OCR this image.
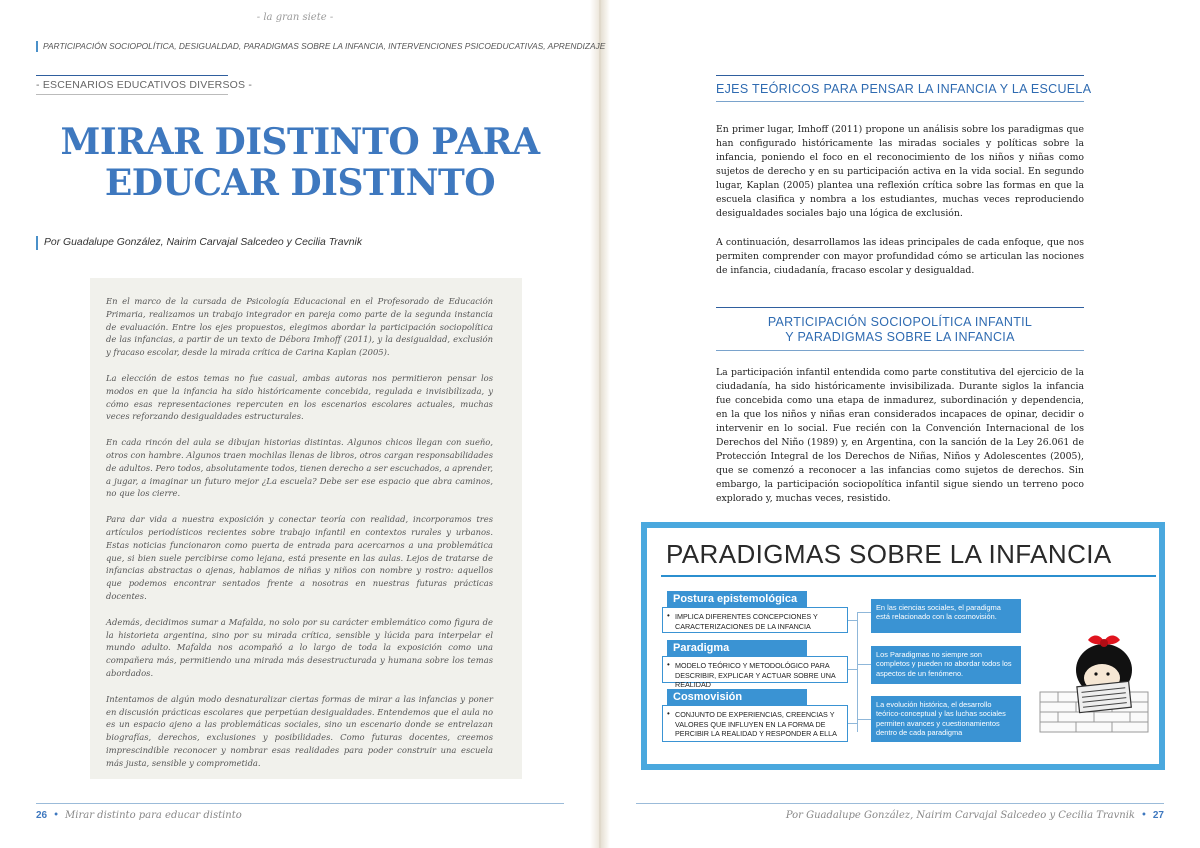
- la gran siete -
PARTICIPACIÓN SOCIOPOLÍTICA, DESIGUALDAD, PARADIGMAS SOBRE LA INFANCIA, INTERVENCIONES PSICOEDUCATIVAS, APRENDIZAJE
- ESCENARIOS EDUCATIVOS DIVERSOS -
MIRAR DISTINTO PARA
EDUCAR DISTINTO
Por Guadalupe González, Nairim Carvajal Salcedeo y Cecilia Travnik

En el marco de la cursada de Psicología Educacional en el Profesorado de Educación Primaria, realizamos un trabajo integrador en pareja como parte de la segunda instancia de evaluación. Entre los ejes propuestos, elegimos abordar la participación sociopolítica de las infancias, a partir de un texto de Débora Imhoff (2011), y la desigualdad, exclusión y fracaso escolar, desde la mirada crítica de Carina Kaplan (2005).

La elección de estos temas no fue casual, ambas autoras nos permitieron pensar los modos en que la infancia ha sido históricamente concebida, regulada e invisibilizada, y cómo esas representaciones repercuten en los escenarios escolares actuales, muchas veces reforzando desigualdades estructurales.

En cada rincón del aula se dibujan historias distintas. Algunos chicos llegan con sueño, otros con hambre. Algunos traen mochilas llenas de libros, otros cargan responsabilidades de adultos. Pero todos, absolutamente todos, tienen derecho a ser escuchados, a aprender, a jugar, a imaginar un futuro mejor ¿La escuela? Debe ser ese espacio que abra caminos, no que los cierre.

Para dar vida a nuestra exposición y conectar teoría con realidad, incorporamos tres artículos periodísticos recientes sobre trabajo infantil en contextos rurales y urbanos. Estas noticias funcionaron como puerta de entrada para acercarnos a una problemática que, si bien suele percibirse como lejana, está presente en las aulas. Lejos de tratarse de infancias abstractas o ajenas, hablamos de niñas y niños con nombre y rostro: aquellos que podemos encontrar sentados frente a nosotras en nuestras futuras prácticas docentes.

Además, decidimos sumar a Mafalda, no solo por su carácter emblemático como figura de la historieta argentina, sino por su mirada crítica, sensible y lúcida para interpelar el mundo adulto. Mafalda nos acompañó a lo largo de toda la exposición como una compañera más, permitiendo una mirada más desestructurada y humana sobre los temas abordados.

Intentamos de algún modo desnaturalizar ciertas formas de mirar a las infancias y poner en discusión prácticas escolares que perpetúan desigualdades. Entendemos que el aula no es un espacio ajeno a las problemáticas sociales, sino un escenario donde se entrelazan biografías, derechos, exclusiones y posibilidades. Como futuras docentes, creemos imprescindible reconocer y nombrar esas realidades para poder construir una escuela más justa, sensible y comprometida.

26 • Mirar distinto para educar distinto
EJES TEÓRICOS PARA PENSAR LA INFANCIA Y LA ESCUELA
En primer lugar, Imhoff (2011) propone un análisis sobre los paradigmas que han configurado históricamente las miradas sociales y políticas sobre la infancia, poniendo el foco en el reconocimiento de los niños y niñas como sujetos de derecho y en su participación activa en la vida social. En segundo lugar, Kaplan (2005) plantea una reflexión crítica sobre las formas en que la escuela clasifica y nombra a los estudiantes, muchas veces reproduciendo desigualdades sociales bajo una lógica de exclusión.
A continuación, desarrollamos las ideas principales de cada enfoque, que nos permiten comprender con mayor profundidad cómo se articulan las nociones de infancia, ciudadanía, fracaso escolar y desigualdad.
PARTICIPACIÓN SOCIOPOLÍTICA INFANTIL
Y PARADIGMAS SOBRE LA INFANCIA
La participación infantil entendida como parte constitutiva del ejercicio de la ciudadanía, ha sido históricamente invisibilizada. Durante siglos la infancia fue concebida como una etapa de inmadurez, subordinación y dependencia, en la que los niños y niñas eran considerados incapaces de opinar, decidir o intervenir en lo social. Fue recién con la Convención Internacional de los Derechos del Niño (1989) y, en Argentina, con la sanción de la Ley 26.061 de Protección Integral de los Derechos de Niñas, Niños y Adolescentes (2005), que se comenzó a reconocer a las infancias como sujetos de derechos. Sin embargo, la participación sociopolítica infantil sigue siendo un terreno poco explorado y, muchas veces, resistido.
PARADIGMAS SOBRE LA INFANCIA
Postura epistemológica
• IMPLICA DIFERENTES CONCEPCIONES Y CARACTERIZACIONES DE LA INFANCIA
Paradigma
• MODELO TEÓRICO Y METODOLÓGICO PARA DESCRIBIR, EXPLICAR Y ACTUAR SOBRE UNA REALIDAD
Cosmovisión
• CONJUNTO DE EXPERIENCIAS, CREENCIAS Y VALORES QUE INFLUYEN EN LA FORMA DE PERCIBIR LA REALIDAD Y RESPONDER A ELLA
En las ciencias sociales, el paradigma está relacionado con la cosmovisión.
Los Paradigmas no siempre son completos y pueden no abordar todos los aspectos de un fenómeno.
La evolución histórica, el desarrollo teórico-conceptual y las luchas sociales permiten avances y cuestionamientos dentro de cada paradigma
Por Guadalupe González, Nairim Carvajal Salcedeo y Cecilia Travnik • 27
